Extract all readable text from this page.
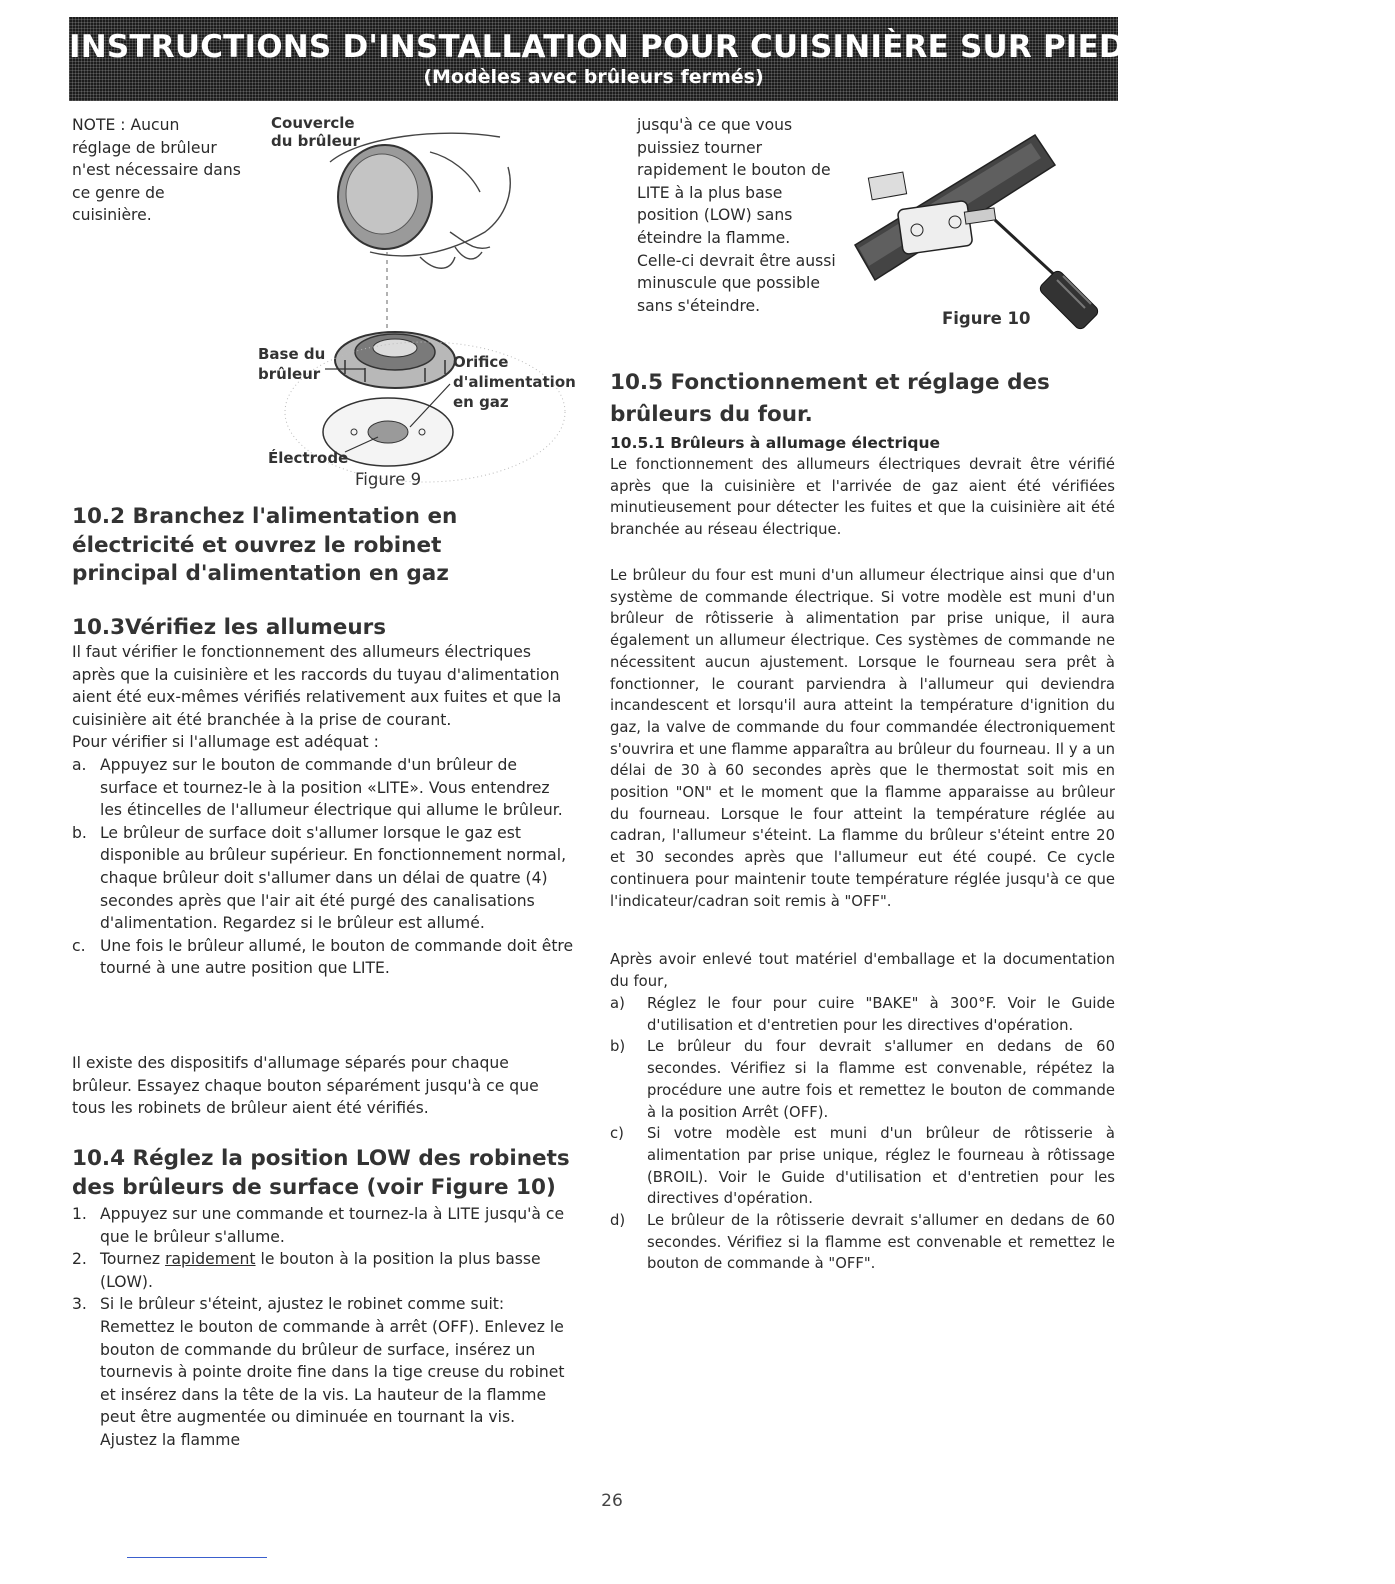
INSTRUCTIONS D'INSTALLATION POUR CUISINIÈRE SUR PIEDS DE 30" À GAZ
(Modèles avec brûleurs fermés)
NOTE : Aucun réglage de brûleur n'est nécessaire dans ce genre de cuisinière.
Couvercle du brûleur
Base du brûleur
Orifice d'alimentation en gaz
Électrode
Figure 9
10.2 Branchez l'alimentation en électricité et ouvrez le robinet principal d'alimentation en gaz
10.3Vérifiez les allumeurs

Il faut vérifier le fonctionnement des allumeurs électriques après que la cuisinière et les raccords du tuyau d'alimentation aient été eux-mêmes vérifiés relativement aux fuites et que la cuisinière ait été branchée à la prise de courant.

Pour vérifier si l'allumage est adéquat :

a. Appuyez sur le bouton de commande d'un brûleur de surface et tournez-le à la position «LITE». Vous entendrez les étincelles de l'allumeur électrique qui allume le brûleur.
b. Le brûleur de surface doit s'allumer lorsque le gaz est disponible au brûleur supérieur. En fonctionnement normal, chaque brûleur doit s'allumer dans un délai de quatre (4) secondes après que l'air ait été purgé des canalisations d'alimentation. Regardez si le brûleur est allumé.
c. Une fois le brûleur allumé, le bouton de commande doit être tourné à une autre position que LITE.

Il existe des dispositifs d'allumage séparés pour chaque brûleur. Essayez chaque bouton séparément jusqu'à ce que tous les robinets de brûleur aient été vérifiés.

10.4 Réglez la position LOW des robinets des brûleurs de surface (voir Figure 10)
1. Appuyez sur une commande et tournez-la à LITE jusqu'à ce que le brûleur s'allume.
2. Tournez rapidement le bouton à la position la plus basse (LOW).
3. Si le brûleur s'éteint, ajustez le robinet comme suit: Remettez le bouton de commande à arrêt (OFF). Enlevez le bouton de commande du brûleur de surface, insérez un tournevis à pointe droite fine dans la tige creuse du robinet et insérez dans la tête de la vis. La hauteur de la flamme peut être augmentée ou diminuée en tournant la vis. Ajustez la flamme

jusqu'à ce que vous puissiez tourner rapidement le bouton de LITE à la plus base position (LOW) sans éteindre la flamme. Celle-ci devrait être aussi minuscule que possible sans s'éteindre.

Figure 10
10.5 Fonctionnement et réglage des brûleurs du four.
10.5.1 Brûleurs à allumage électrique

Le fonctionnement des allumeurs électriques devrait être vérifié après que la cuisinière et l'arrivée de gaz aient été vérifiées minutieusement pour détecter les fuites et que la cuisinière ait été branchée au réseau électrique.

Le brûleur du four est muni d'un allumeur électrique ainsi que d'un système de commande électrique. Si votre modèle est muni d'un brûleur de rôtisserie à alimentation par prise unique, il aura également un allumeur électrique. Ces systèmes de commande ne nécessitent aucun ajustement. Lorsque le fourneau sera prêt à fonctionner, le courant parviendra à l'allumeur qui deviendra incandescent et lorsqu'il aura atteint la température d'ignition du gaz, la valve de commande du four commandée électroniquement s'ouvrira et une flamme apparaîtra au brûleur du fourneau. Il y a un délai de 30 à 60 secondes après que le thermostat soit mis en position "ON" et le moment que la flamme apparaisse au brûleur du fourneau. Lorsque le four atteint la température réglée au cadran, l'allumeur s'éteint. La flamme du brûleur s'éteint entre 20 et 30 secondes après que l'allumeur eut été coupé. Ce cycle continuera pour maintenir toute température réglée jusqu'à ce que l'indicateur/cadran soit remis à "OFF".

Après avoir enlevé tout matériel d'emballage et la documentation du four,

a) Réglez le four pour cuire "BAKE" à 300°F. Voir le Guide d'utilisation et d'entretien pour les directives d'opération.
b) Le brûleur du four devrait s'allumer en dedans de 60 secondes. Vérifiez si la flamme est convenable, répétez la procédure une autre fois et remettez le bouton de commande à la position Arrêt (OFF).
c) Si votre modèle est muni d'un brûleur de rôtisserie à alimentation par prise unique, réglez le fourneau à rôtissage (BROIL). Voir le Guide d'utilisation et d'entretien pour les directives d'opération.
d) Le brûleur de la rôtisserie devrait s'allumer en dedans de 60 secondes. Vérifiez si la flamme est convenable et remettez le bouton de commande à "OFF".
26
